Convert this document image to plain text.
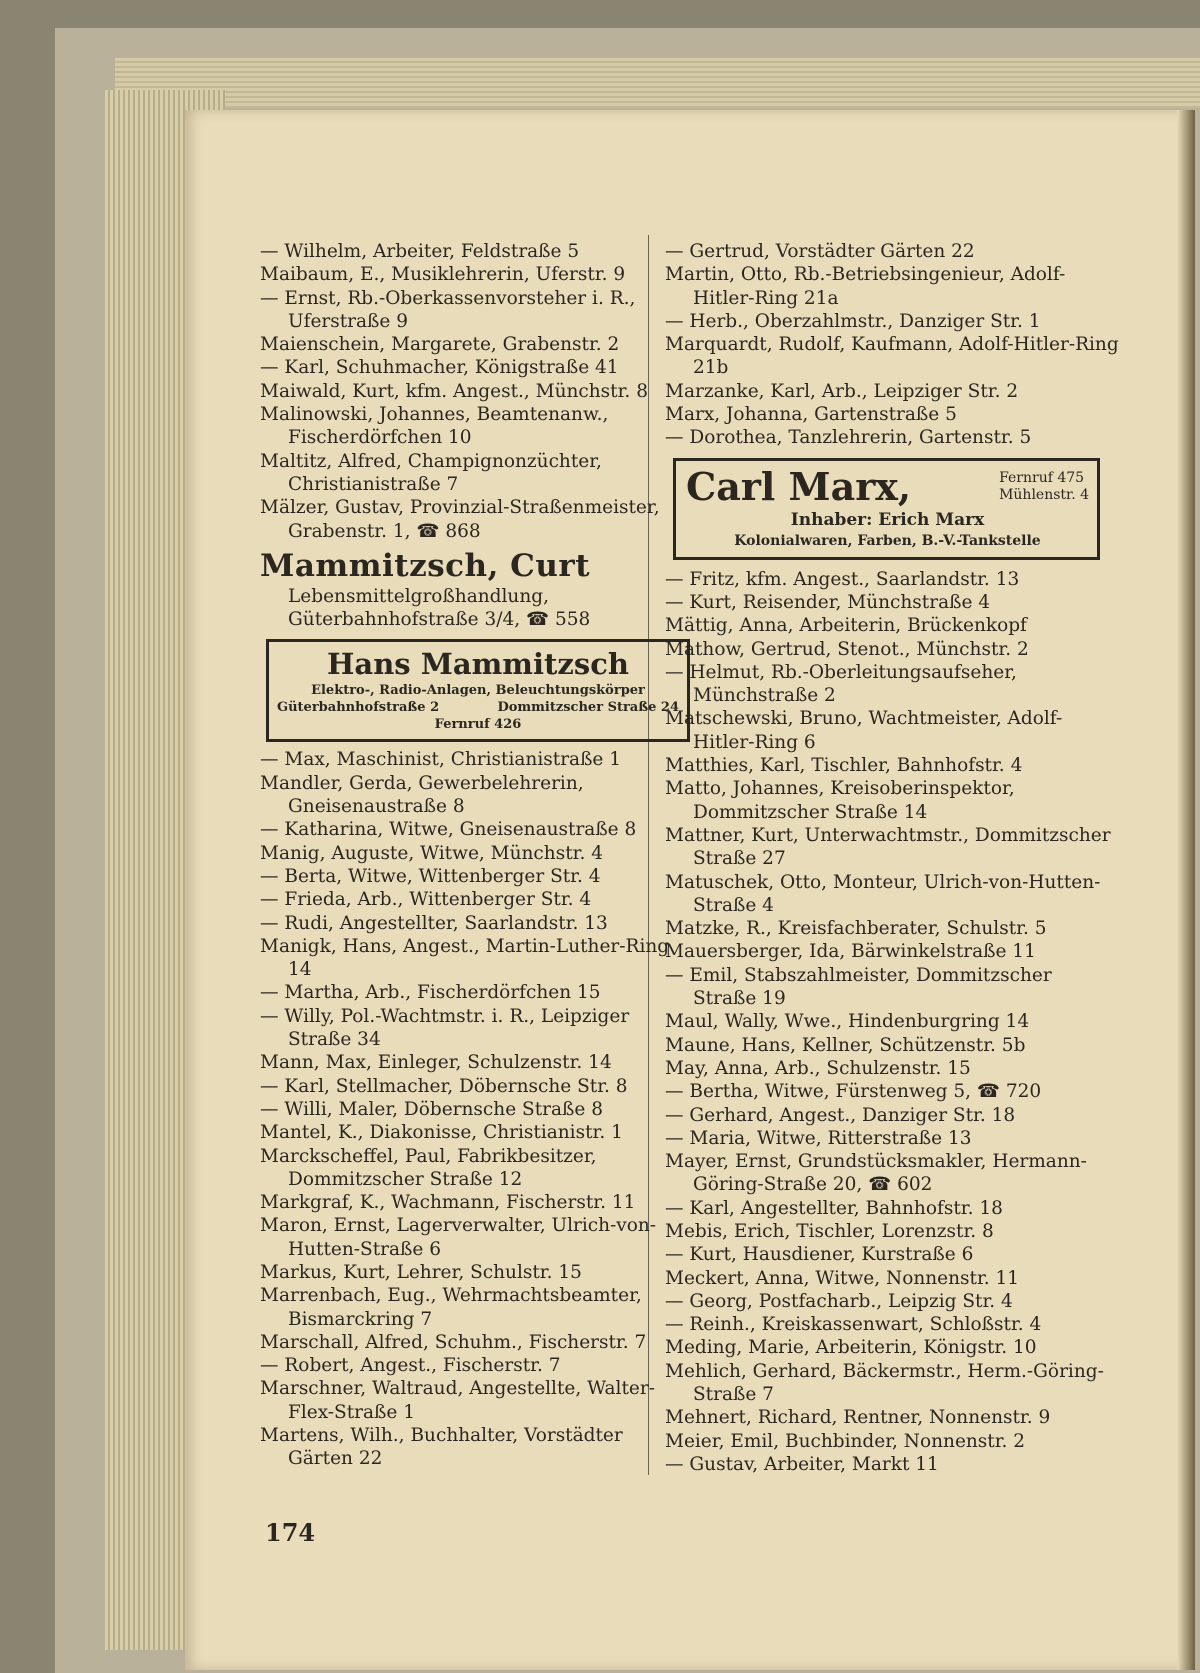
— Wilhelm, Arbeiter, Feldstraße 5

Maibaum, E., Musiklehrerin, Uferstr. 9

— Ernst, Rb.-Oberkassenvorsteher i. R., Uferstraße 9

Maienschein, Margarete, Grabenstr. 2

— Karl, Schuhmacher, Königstraße 41

Maiwald, Kurt, kfm. Angest., Münchstr. 8

Malinowski, Johannes, Beamtenanw., Fischerdörfchen 10

Maltitz, Alfred, Champignonzüchter, Christianistraße 7

Mälzer, Gustav, Provinzial-Straßenmeister, Grabenstr. 1, ☎ 868

Mammitzsch, Curt
Lebensmittelgroßhandlung, Güterbahnhofstraße 3/4, ☎ 558
Hans Mammitzsch
Elektro-, Radio-Anlagen, Beleuchtungskörper
Güterbahnhofstraße 2	Dommitzscher Straße 24
Fernruf 426

— Max, Maschinist, Christianistraße 1

Mandler, Gerda, Gewerbelehrerin, Gneisenaustraße 8

— Katharina, Witwe, Gneisenaustraße 8

Manig, Auguste, Witwe, Münchstr. 4

— Berta, Witwe, Wittenberger Str. 4

— Frieda, Arb., Wittenberger Str. 4

— Rudi, Angestellter, Saarlandstr. 13

Manigk, Hans, Angest., Martin-Luther-Ring 14

— Martha, Arb., Fischerdörfchen 15

— Willy, Pol.-Wachtmstr. i. R., Leipziger Straße 34

Mann, Max, Einleger, Schulzenstr. 14

— Karl, Stellmacher, Döbernsche Str. 8

— Willi, Maler, Döbernsche Straße 8

Mantel, K., Diakonisse, Christianistr. 1

Marckscheffel, Paul, Fabrikbesitzer, Dommitzscher Straße 12

Markgraf, K., Wachmann, Fischerstr. 11

Maron, Ernst, Lagerverwalter, Ulrich-von-Hutten-Straße 6

Markus, Kurt, Lehrer, Schulstr. 15

Marrenbach, Eug., Wehrmachtsbeamter, Bismarckring 7

Marschall, Alfred, Schuhm., Fischerstr. 7

— Robert, Angest., Fischerstr. 7

Marschner, Waltraud, Angestellte, Walter-Flex-Straße 1

Martens, Wilh., Buchhalter, Vorstädter Gärten 22

— Gertrud, Vorstädter Gärten 22

Martin, Otto, Rb.-Betriebsingenieur, Adolf-Hitler-Ring 21a

— Herb., Oberzahlmstr., Danziger Str. 1

Marquardt, Rudolf, Kaufmann, Adolf-Hitler-Ring 21b

Marzanke, Karl, Arb., Leipziger Str. 2

Marx, Johanna, Gartenstraße 5

— Dorothea, Tanzlehrerin, Gartenstr. 5

Carl Marx,	Fernruf 475
Mühlenstr. 4
Inhaber: Erich Marx
Kolonialwaren, Farben, B.-V.-Tankstelle

— Fritz, kfm. Angest., Saarlandstr. 13

— Kurt, Reisender, Münchstraße 4

Mättig, Anna, Arbeiterin, Brückenkopf

Mathow, Gertrud, Stenot., Münchstr. 2

— Helmut, Rb.-Oberleitungsaufseher, Münchstraße 2

Matschewski, Bruno, Wachtmeister, Adolf-Hitler-Ring 6

Matthies, Karl, Tischler, Bahnhofstr. 4

Matto, Johannes, Kreisoberinspektor, Dommitzscher Straße 14

Mattner, Kurt, Unterwachtmstr., Dommitzscher Straße 27

Matuschek, Otto, Monteur, Ulrich-von-Hutten-Straße 4

Matzke, R., Kreisfachberater, Schulstr. 5

Mauersberger, Ida, Bärwinkelstraße 11

— Emil, Stabszahlmeister, Dommitzscher Straße 19

Maul, Wally, Wwe., Hindenburgring 14

Maune, Hans, Kellner, Schützenstr. 5b

May, Anna, Arb., Schulzenstr. 15

— Bertha, Witwe, Fürstenweg 5, ☎ 720

— Gerhard, Angest., Danziger Str. 18

— Maria, Witwe, Ritterstraße 13

Mayer, Ernst, Grundstücksmakler, Hermann-Göring-Straße 20, ☎ 602

— Karl, Angestellter, Bahnhofstr. 18

Mebis, Erich, Tischler, Lorenzstr. 8

— Kurt, Hausdiener, Kurstraße 6

Meckert, Anna, Witwe, Nonnenstr. 11

— Georg, Postfacharb., Leipzig Str. 4

— Reinh., Kreiskassenwart, Schloßstr. 4

Meding, Marie, Arbeiterin, Königstr. 10

Mehlich, Gerhard, Bäckermstr., Herm.-Göring-Straße 7

Mehnert, Richard, Rentner, Nonnenstr. 9

Meier, Emil, Buchbinder, Nonnenstr. 2

— Gustav, Arbeiter, Markt 11

174
